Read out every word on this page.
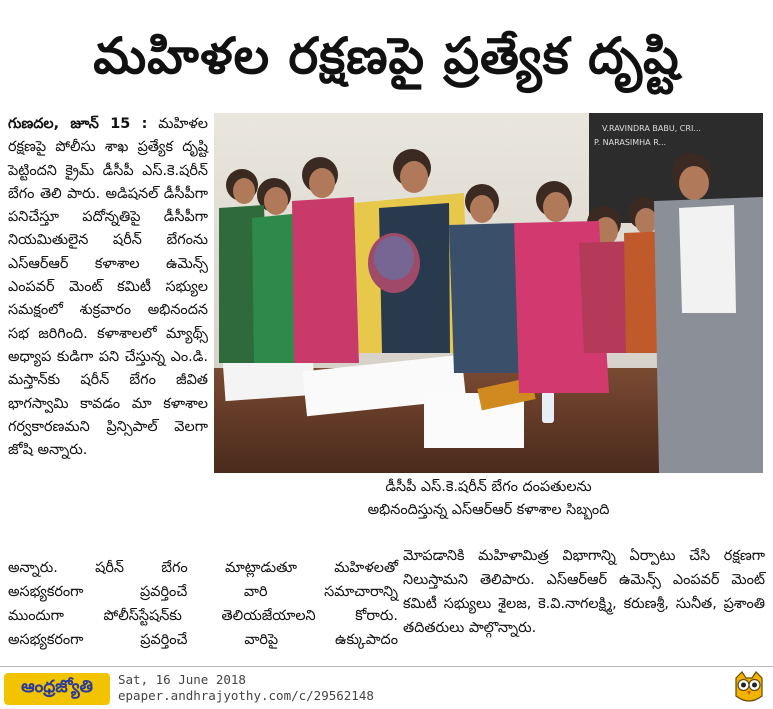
మహిళల రక్షణపై ప్రత్యేక దృష్టి
గుణదల, జూన్ 15 : మహిళల రక్షణపై పోలీసు శాఖ ప్రత్యేక దృష్టి పెట్టిందని క్రైమ్ డీసీపీ ఎస్.కె.షరీన్ బేగం తెలి పారు. అడిషనల్ డీసీపీగా పనిచేస్తూ పదోన్నతిపై డీసీపీగా నియమితులైన షరీన్ బేగంను ఎస్ఆర్ఆర్ కళాశాల ఉమెన్స్ ఎంపవర్ మెంట్ కమిటీ సభ్యుల సమక్షంలో శుక్రవారం అభినందన సభ జరిగింది. కళాశాలలో మ్యాథ్స్ అధ్యాప కుడిగా పని చేస్తున్న ఎం.డి. మస్తాన్‌కు షరీన్ బేగం జీవిత భాగస్వామి కావడం మా కళాశాల గర్వకారణమని ప్రిన్సిపాల్ వెలగా జోషి అన్నారు.
V.RAVINDRA BABU, CRI...
P. NARASIMHA R...
డీసీపీ ఎస్.కె.షరీన్ బేగం దంపతులను
అభినందిస్తున్న ఎస్ఆర్ఆర్ కళాశాల సిబ్బంది
అన్నారు. షరీన్ బేగం మాట్లాడుతూ మహిళలతో
అసభ్యకరంగా ప్రవర్తించే వారి సమాచారాన్ని
ముందుగా పోలీస్‌స్టేషన్‌కు తెలియజేయాలని కోరారు.
అసభ్యకరంగా ప్రవర్తించే వారిపై ఉక్కుపాదం
మోపడానికి మహిళామిత్ర విభాగాన్ని ఏర్పాటు చేసి రక్షణగా నిలుస్తామని తెలిపారు. ఎస్ఆర్ఆర్ ఉమెన్స్ ఎంపవర్ మెంట్ కమిటీ సభ్యులు శైలజ, కె.వి.నాగలక్ష్మి, కరుణశ్రీ, సునీత, ప్రశాంతి తదితరులు పాల్గొన్నారు.
ఆంధ్రజ్యోతి Sat, 16 June 2018
epaper.andhrajyothy.com/c/29562148
